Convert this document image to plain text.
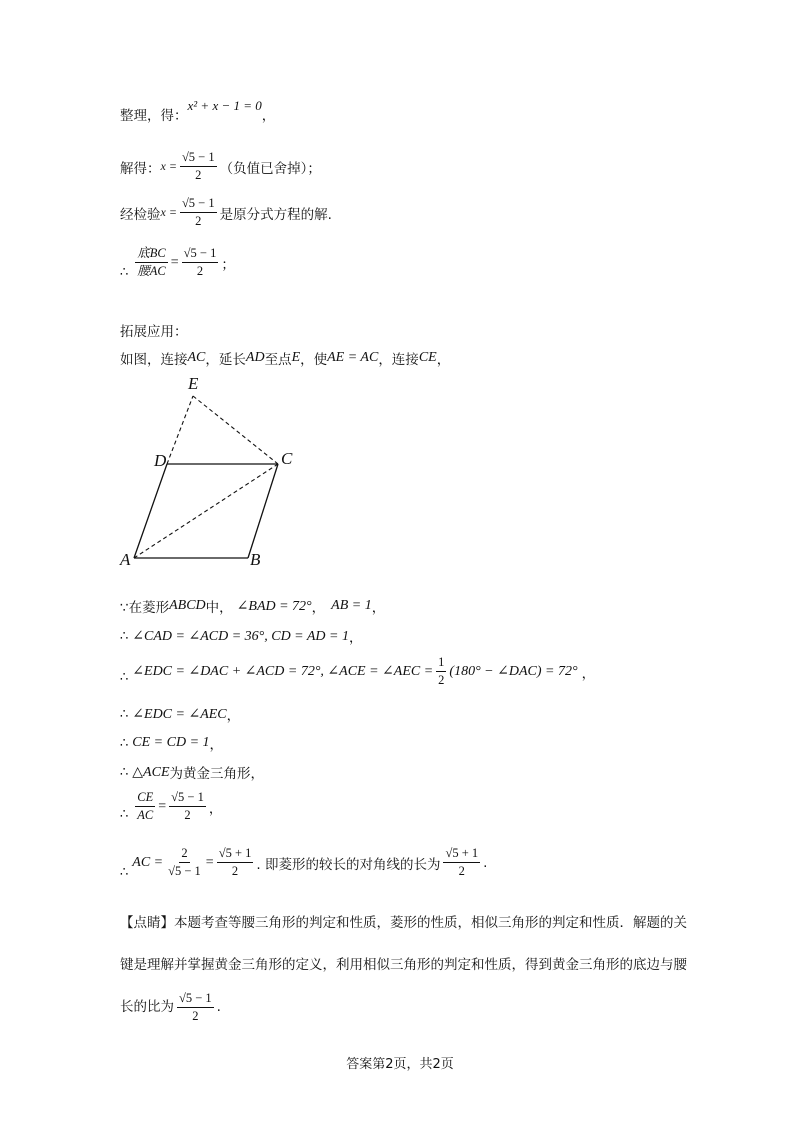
整理，得：
x² + x − 1 = 0
，
解得： $x = \frac{√5 - 1}{2}$ （负值已舍掉）；
经检验 $x = \frac{√5 - 1}{2}$ 是原分式方程的解.
∴ $\frac{\text{底BC}}{\text{腰AC}} = \frac{√5 - 1}{2}$ ；
拓展应用：
如图，连接 AC ，延长 AD 至点 E ，使 AE = AC ，连接 CE ，
E
D	C
A	B
∵在菱形 ABCD 中， ∠BAD = 72° ， AB = 1 ，
∴ ∠CAD = ∠ACD = 36°, CD = AD = 1 ，
∴ ∠EDC = ∠DAC + ∠ACD = 72°, ∠ACE = ∠AEC = $\frac{1}{2} (180^\circ$ − ∠DAC) = 72° ，
∴ ∠EDC = ∠AEC ，
∴ CE = CD = 1 ，
∴ △ACE 为黄金三角形，
∴ $\frac{CE}{AC} = \frac{√5 - 1}{2}$ ，
∴
AC = $\frac{2}{√5 - 1} = \frac{√5 + 1}{2}$ . 即菱形的较长的对角线的长为 $\frac{√5 + 1}{2}$ .
【点睛】本题考查等腰三角形的判定和性质，菱形的性质，相似三角形的判定和性质．解题的关键是理解并掌握黄金三角形的定义，利用相似三角形的判定和性质，得到黄金三角形的底边与腰长的比为 $\frac{√5 - 1}{2}$ .
答案第2页，共2页
